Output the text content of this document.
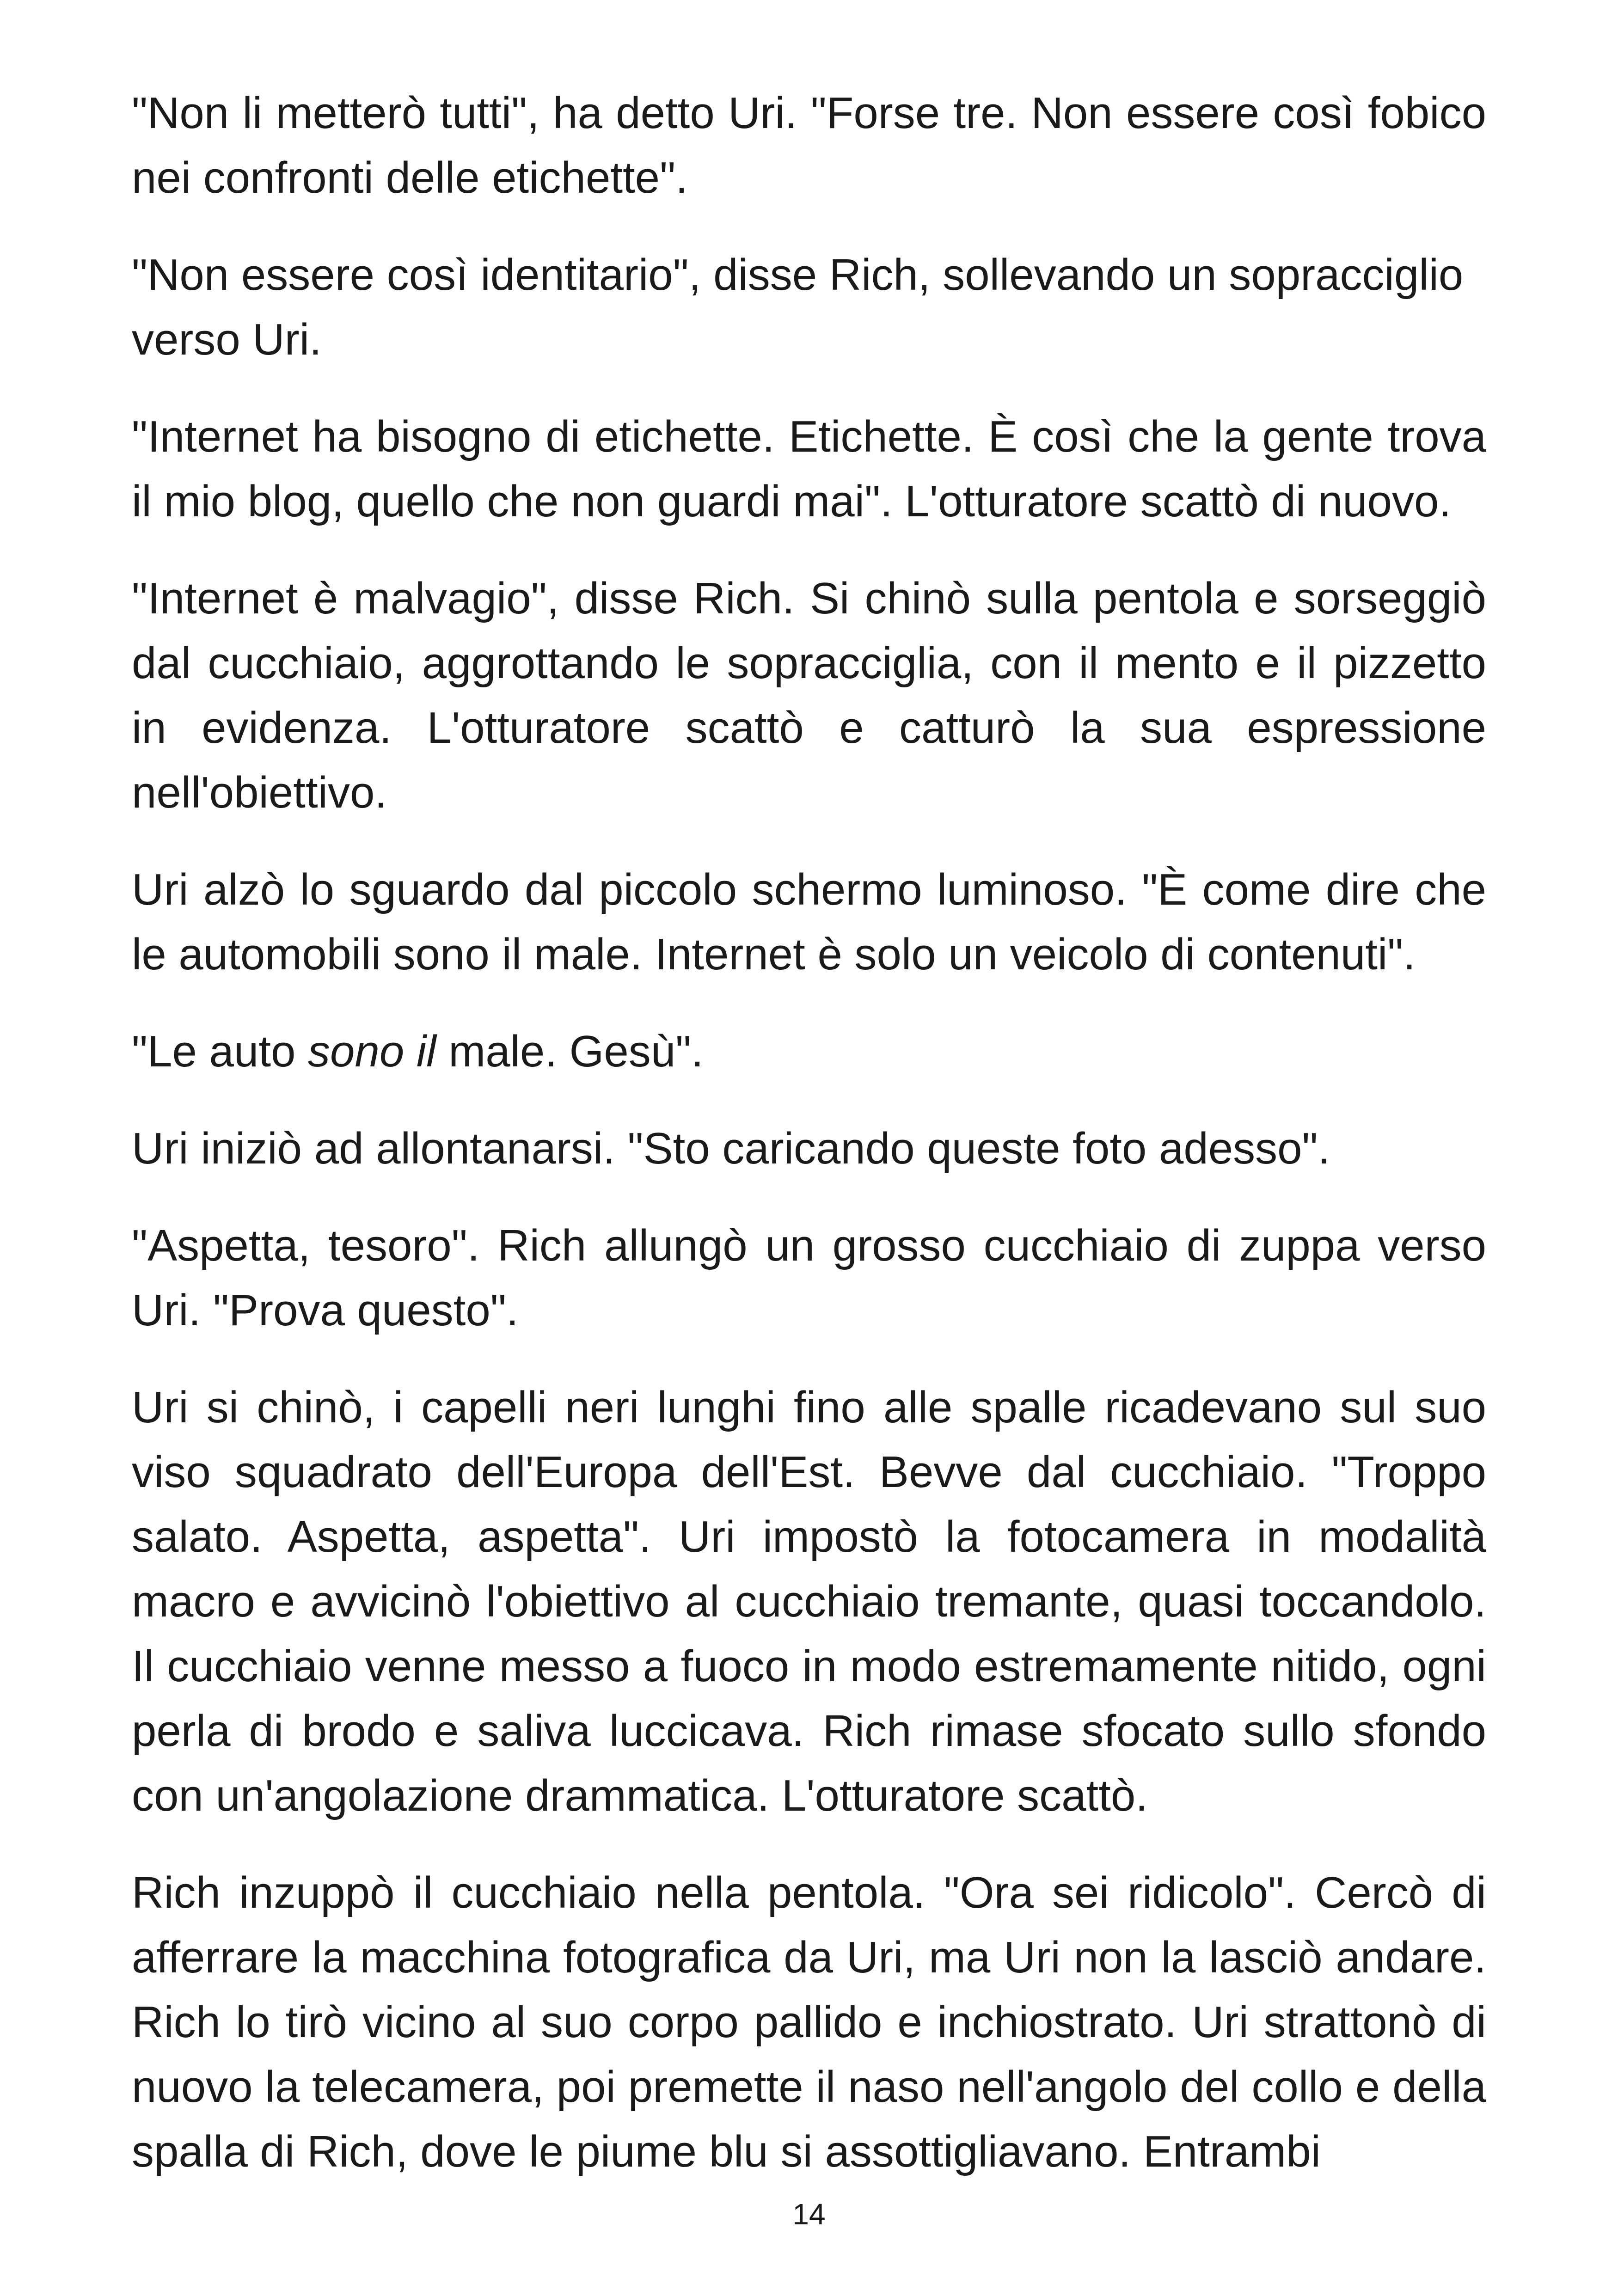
"Non li metterò tutti", ha detto Uri. "Forse tre. Non essere così fobico nei confronti delle etichette".

"Non essere così identitario", disse Rich, sollevando un sopracciglio verso Uri.

"Internet ha bisogno di etichette. Etichette. È così che la gente trova il mio blog, quello che non guardi mai". L'otturatore scattò di nuovo.

"Internet è malvagio", disse Rich. Si chinò sulla pentola e sorseggiò dal cucchiaio, aggrottando le sopracciglia, con il mento e il pizzetto in evidenza. L'otturatore scattò e catturò la sua espressione nell'obiettivo.

Uri alzò lo sguardo dal piccolo schermo luminoso. "È come dire che le automobili sono il male. Internet è solo un veicolo di contenuti".

"Le auto sono il male. Gesù".

Uri iniziò ad allontanarsi. "Sto caricando queste foto adesso".

"Aspetta, tesoro". Rich allungò un grosso cucchiaio di zuppa verso Uri. "Prova questo".

Uri si chinò, i capelli neri lunghi fino alle spalle ricadevano sul suo viso squadrato dell'Europa dell'Est. Bevve dal cucchiaio. "Troppo salato. Aspetta, aspetta". Uri impostò la fotocamera in modalità macro e avvicinò l'obiettivo al cucchiaio tremante, quasi toccandolo. Il cucchiaio venne messo a fuoco in modo estremamente nitido, ogni perla di brodo e saliva luccicava. Rich rimase sfocato sullo sfondo con un'angolazione drammatica. L'otturatore scattò.

Rich inzuppò il cucchiaio nella pentola. "Ora sei ridicolo". Cercò di afferrare la macchina fotografica da Uri, ma Uri non la lasciò andare. Rich lo tirò vicino al suo corpo pallido e inchiostrato. Uri strattonò di nuovo la telecamera, poi premette il naso nell'angolo del collo e della spalla di Rich, dove le piume blu si assottigliavano. Entrambi

14
